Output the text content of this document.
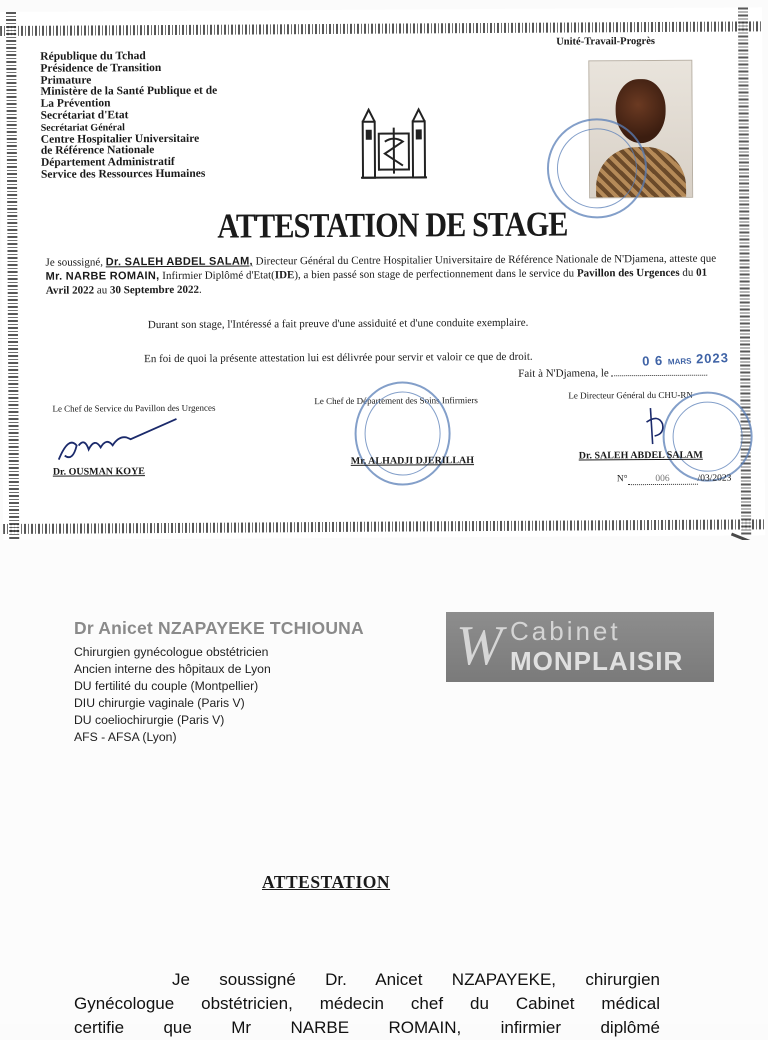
République du Tchad
Présidence de Transition
Primature
Ministère de la Santé Publique et de
La Prévention
Secrétariat d'Etat
Secrétariat Général
Centre Hospitalier Universitaire
de Référence Nationale
Département Administratif
Service des Ressources Humaines
Unité-Travail-Progrès
ATTESTATION DE STAGE
Je soussigné, Dr. SALEH ABDEL SALAM, Directeur Général du Centre Hospitalier Universitaire de Référence Nationale de N'Djamena, atteste que Mr. NARBE ROMAIN, Infirmier Diplômé d'Etat(IDE), a bien passé son stage de perfectionnement dans le service du Pavillon des Urgences du 01 Avril 2022 au 30 Septembre 2022.
Durant son stage, l'Intéressé a fait preuve d'une assiduité et d'une conduite exemplaire.
En foi de quoi la présente attestation lui est délivrée pour servir et valoir ce que de droit.
Fait à N'Djamena, le
0 6 MARS 2023
Le Chef de Service du Pavillon des Urgences
Dr. OUSMAN KOYE
Le Chef de Département des Soins Infirmiers
Mr. ALHADJI DJERILLAH
Le Directeur Général du CHU-RN
Dr. SALEH ABDEL SALAM
N°	006	/03/2023
Dr Anicet NZAPAYEKE TCHIOUNA
Chirurgien gynécologue obstétricien
Ancien interne des hôpitaux de Lyon
DU fertilité du couple (Montpellier)
DIU chirurgie vaginale (Paris V)
DU coeliochirurgie (Paris V)
AFS - AFSA (Lyon)
W Cabinet
MONPLAISIR
ATTESTATION
Je soussigné Dr. Anicet NZAPAYEKE, chirurgien
Gynécologue obstétricien, médecin chef du Cabinet médical
certifie que Mr NARBE ROMAIN, infirmier diplômé
